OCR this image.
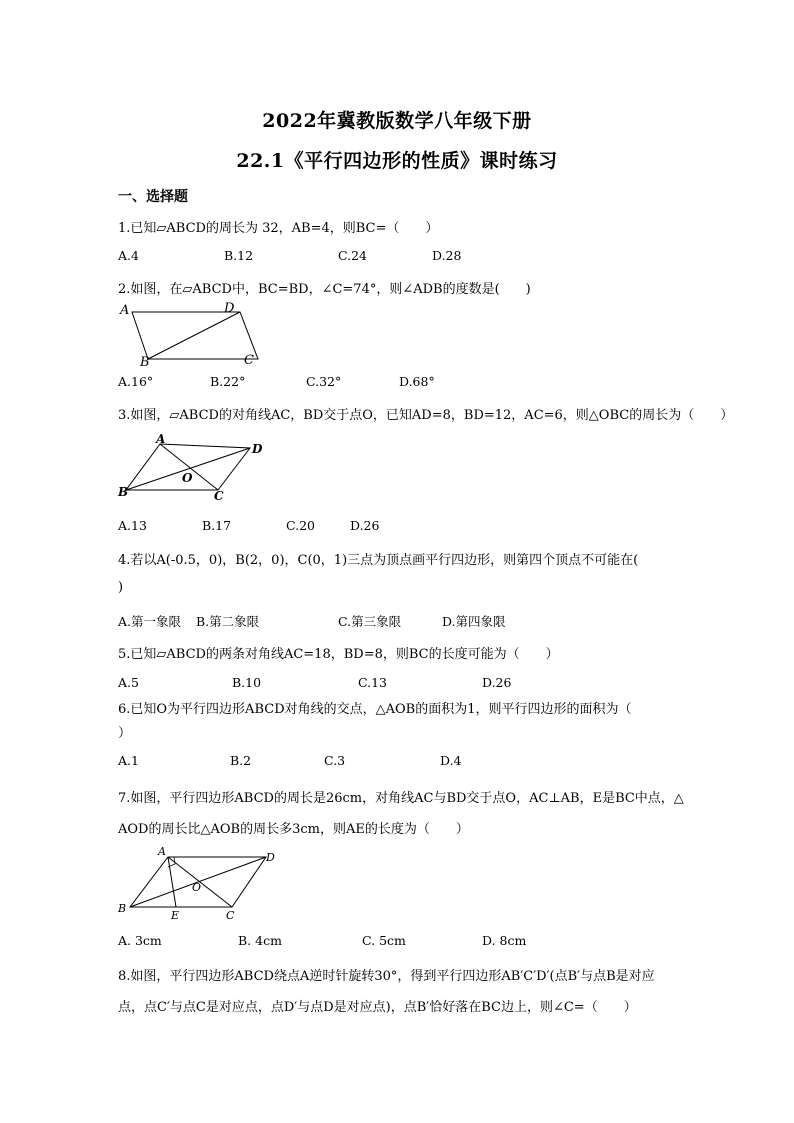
2022年冀教版数学八年级下册
22.1《平行四边形的性质》课时练习
一、选择题
1.已知▱ABCD的周长为 32，AB=4，则BC=（　　）
A.4	B.12	C.24	D.28
2.如图，在▱ABCD中，BC=BD，∠C=74°，则∠ADB的度数是(　　)
A	D
B	C
A.16°	B.22°	C.32°	D.68°
3.如图，▱ABCD的对角线AC，BD交于点O，已知AD=8，BD=12，AC=6，则△OBC的周长为（　　）
A
D
O
B	C
A.13	B.17	C.20	D.26
4.若以A(-0.5，0)，B(2，0)，C(0，1)三点为顶点画平行四边形，则第四个顶点不可能在(
)
A.第一象限 B.第二象限	C.第三象限	D.第四象限
5.已知▱ABCD的两条对角线AC=18，BD=8，则BC的长度可能为（　　）
A.5	B.10	C.13	D.26
6.已知O为平行四边形ABCD对角线的交点，△AOB的面积为1，则平行四边形的面积为（
）
A.1	B.2	C.3	D.4
7.如图，平行四边形ABCD的周长是26cm，对角线AC与BD交于点O，AC⊥AB，E是BC中点，△
AOD的周长比△AOB的周长多3cm，则AE的长度为（　　）
A	D
O
B
E	C
A. 3cm	B. 4cm	C. 5cm	D. 8cm
8.如图，平行四边形ABCD绕点A逆时针旋转30°，得到平行四边形AB′C′D′(点B′与点B是对应
点，点C′与点C是对应点，点D′与点D是对应点)，点B′恰好落在BC边上，则∠C=（　　）
